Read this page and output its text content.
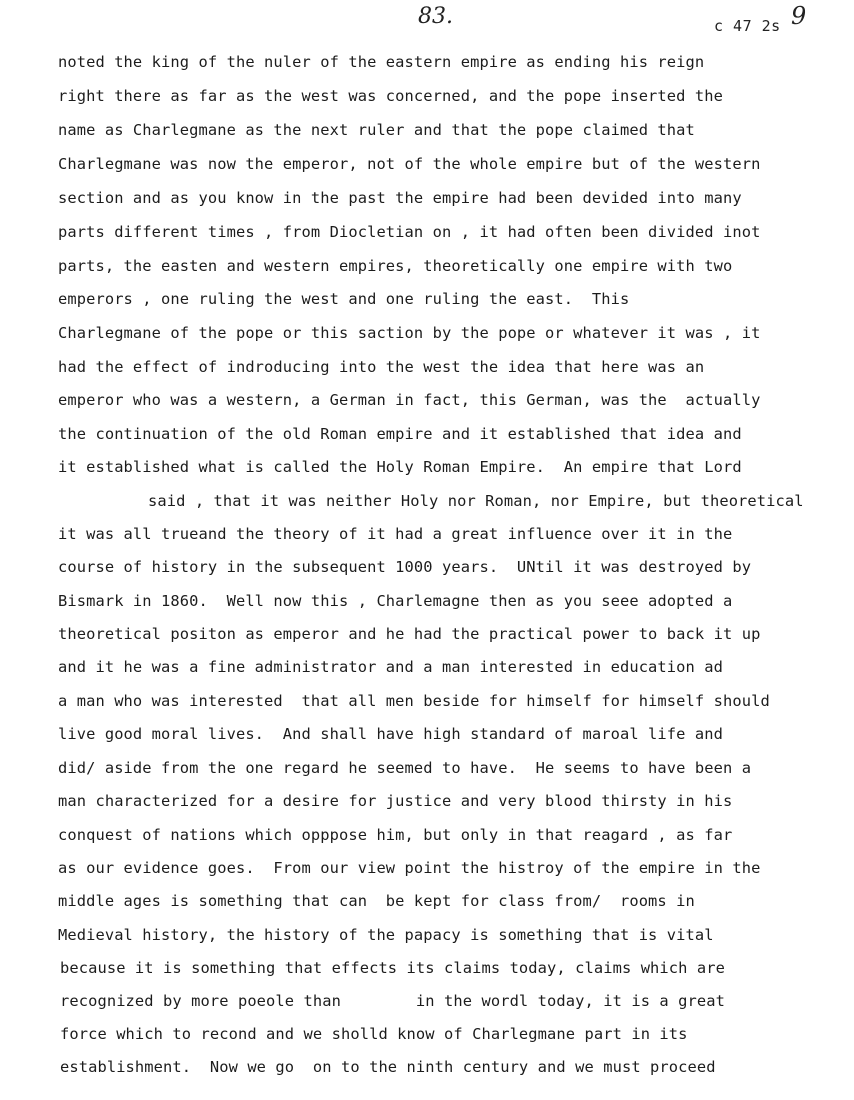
83.	c 47 2s 9
noted the king of the nuler of the eastern empire as ending his reign
right there as far as the west was concerned, and the pope inserted the
name as Charlegmane as the next ruler and that the pope claimed that
Charlegmane was now the emperor, not of the whole empire but of the western
section and as you know in the past the empire had been devided into many
parts different times , from Diocletian on , it had often been divided inot
parts, the easten and western empires, theoretically one empire with two
emperors , one ruling the west and one ruling the east.  This
Charlegmane of the pope or this saction by the pope or whatever it was , it
had the effect of indroducing into the west the idea that here was an
emperor who was a western, a German in fact, this German, was the  actually
the continuation of the old Roman empire and it established that idea and
it established what is called the Holy Roman Empire.  An empire that Lord
said , that it was neither Holy nor Roman, nor Empire, but theoretical
it was all trueand the theory of it had a great influence over it in the
course of history in the subsequent 1000 years.  UNtil it was destroyed by
Bismark in 1860.  Well now this , Charlemagne then as you seee adopted a
theoretical positon as emperor and he had the practical power to back it up
and it he was a fine administrator and a man interested in education ad
a man who was interested  that all men beside for himself for himself should
live good moral lives.  And shall have high standard of maroal life and
did/ aside from the one regard he seemed to have.  He seems to have been a
man characterized for a desire for justice and very blood thirsty in his
conquest of nations which opppose him, but only in that reagard , as far
as our evidence goes.  From our view point the histroy of the empire in the
middle ages is something that can  be kept for class from/  rooms in
Medieval history, the history of the papacy is something that is vital
because it is something that effects its claims today, claims which are
recognized by more poeole than        in the wordl today, it is a great
force which to recond and we sholld know of Charlegmane part in its
establishment.  Now we go  on to the ninth century and we must proceed
